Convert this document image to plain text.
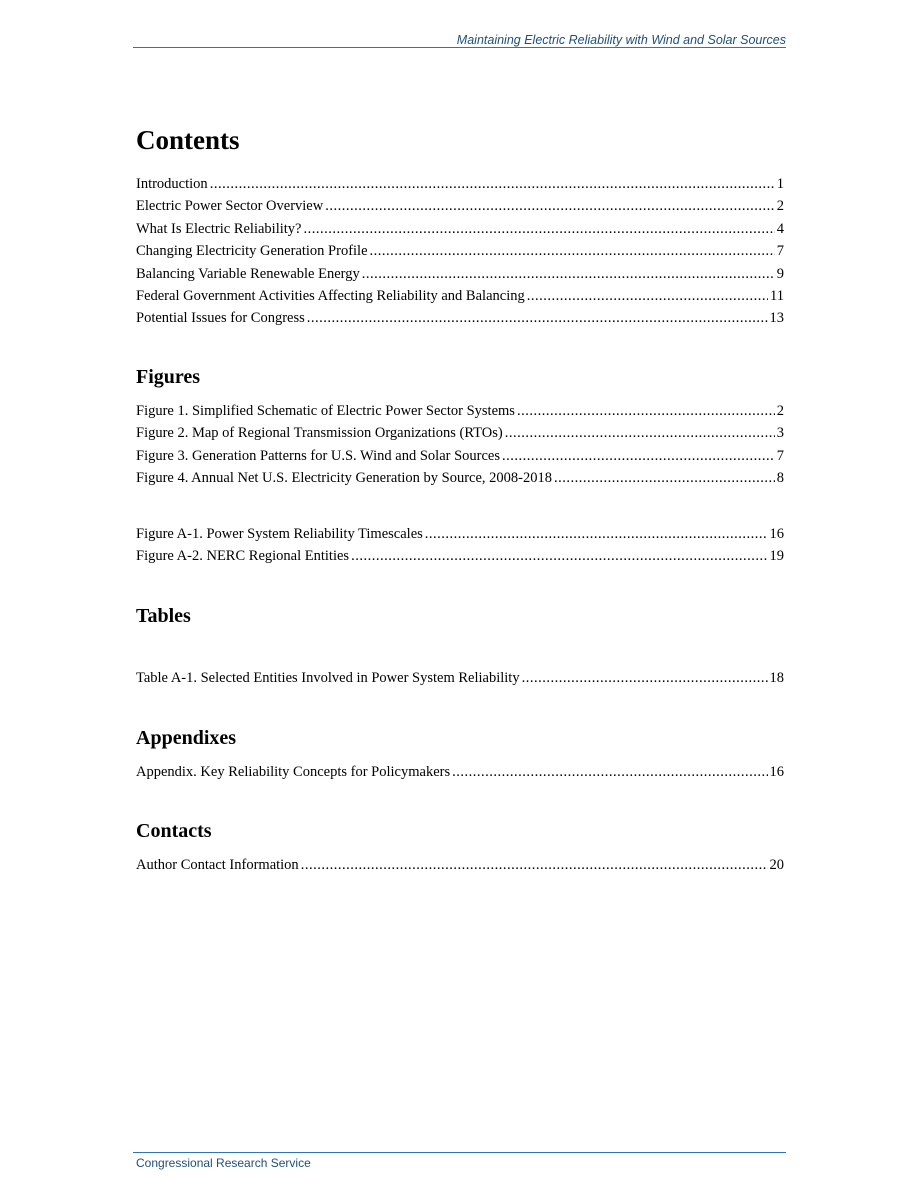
Maintaining Electric Reliability with Wind and Solar Sources
Contents
Introduction .....	1
Electric Power Sector Overview .....	2
What Is Electric Reliability? .....	4
Changing Electricity Generation Profile .....	7
Balancing Variable Renewable Energy .....	9
Federal Government Activities Affecting Reliability and Balancing .....	11
Potential Issues for Congress .....	13
Figures
Figure 1. Simplified Schematic of Electric Power Sector Systems .....	2
Figure 2. Map of Regional Transmission Organizations (RTOs) .....	3
Figure 3. Generation Patterns for U.S. Wind and Solar Sources .....	7
Figure 4. Annual Net U.S. Electricity Generation by Source, 2008-2018 .....	8
Figure A-1. Power System Reliability Timescales .....	16
Figure A-2. NERC Regional Entities .....	19
Tables
Table A-1. Selected Entities Involved in Power System Reliability .....	18
Appendixes
Appendix. Key Reliability Concepts for Policymakers .....	16
Contacts
Author Contact Information .....	20
Congressional Research Service
